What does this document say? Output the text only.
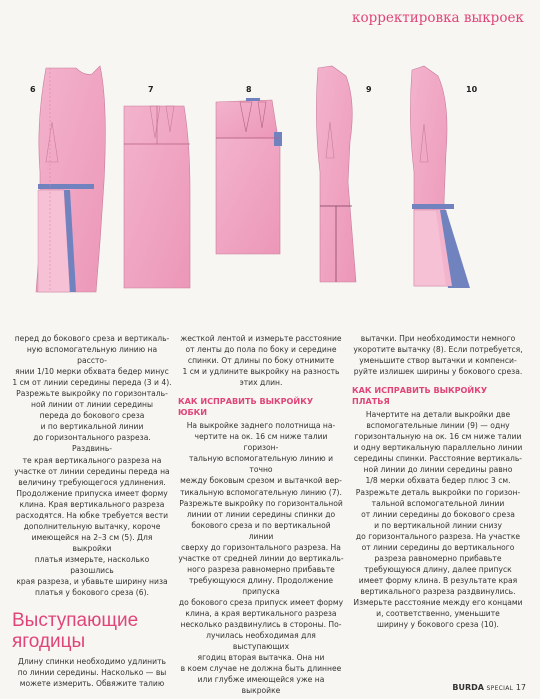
корректировка выкроек
6	7	8	9	10

перед до бокового среза и вертикаль-

ную вспомогательную линию на рассто-

янии 1/10 мерки обхвата бедер минус

1 см от линии середины переда (3 и 4).

Разрежьте выкройку по горизонталь-

ной линии от линии середины

переда до бокового среза

и по вертикальной линии

до горизонтального разреза. Раздвинь-

те края вертикального разреза на

участке от линии середины переда на

величину требующегося удлинения.

Продолжение припуска имеет форму

клина. Края вертикального разреза

расходятся. На юбке требуется вести

дополнительную вытачку, короче

имеющейся на 2–3 см (5). Для выкройки

платья измерьте, насколько разошлись

края разреза, и убавьте ширину низа

платья у бокового среза (6).

Выступающие ягодицы

Длину спинки необходимо удлинить

по линии середины. Насколько — вы

можете измерить. Обвяжите талию

жесткой лентой и измерьте расстояние

от ленты до пола по боку и середине

спинки. От длины по боку отнимите

1 см и удлините выкройку на разность

этих длин.

КАК ИСПРАВИТЬ ВЫКРОЙКУ ЮБКИ

На выкройке заднего полотнища на-

чертите на ок. 16 см ниже талии горизон-

тальную вспомогательную линию и точно

между боковым срезом и вытачкой вер-

тикальную вспомогательную линию (7).

Разрежьте выкройку по горизонтальной

линии от линии середины спинки до

бокового среза и по вертикальной линии

сверху до горизонтального разреза. На

участке от средней линии до вертикаль-

ного разреза равномерно прибавьте

требующуюся длину. Продолжение

припуска

до бокового среза припуск имеет форму

клина, а края вертикального разреза

несколько раздвинулись в стороны. По-

лучилась необходимая для выступающих

ягодиц вторая вытачка. Она ни

в коем случае не должна быть длиннее

или глубже имеющейся уже на выкройке

вытачки. При необходимости немного

укоротите вытачку (8). Если потребуется,

уменьшите створ вытачки и компенси-

руйте излишек ширины у бокового среза.

КАК ИСПРАВИТЬ ВЫКРОЙКУ ПЛАТЬЯ

Начертите на детали выкройки две

вспомогательные линии (9) — одну

горизонтальную на ок. 16 см ниже талии

и одну вертикальную параллельно линии

середины спинки. Расстояние вертикаль-

ной линии до линии середины равно

1/8 мерки обхвата бедер плюс 3 см.

Разрежьте деталь выкройки по горизон-

тальной вспомогательной линии

от линии середины до бокового среза

и по вертикальной линии снизу

до горизонтального разреза. На участке

от линии середины до вертикального

разреза равномерно прибавьте

требующуюся длину, далее припуск

имеет форму клина. В результате края

вертикального разреза раздвинулись.

Измерьте расстояние между его концами

и, соответственно, уменьшите

ширину у бокового среза (10).

BURDA SPECIAL 17
